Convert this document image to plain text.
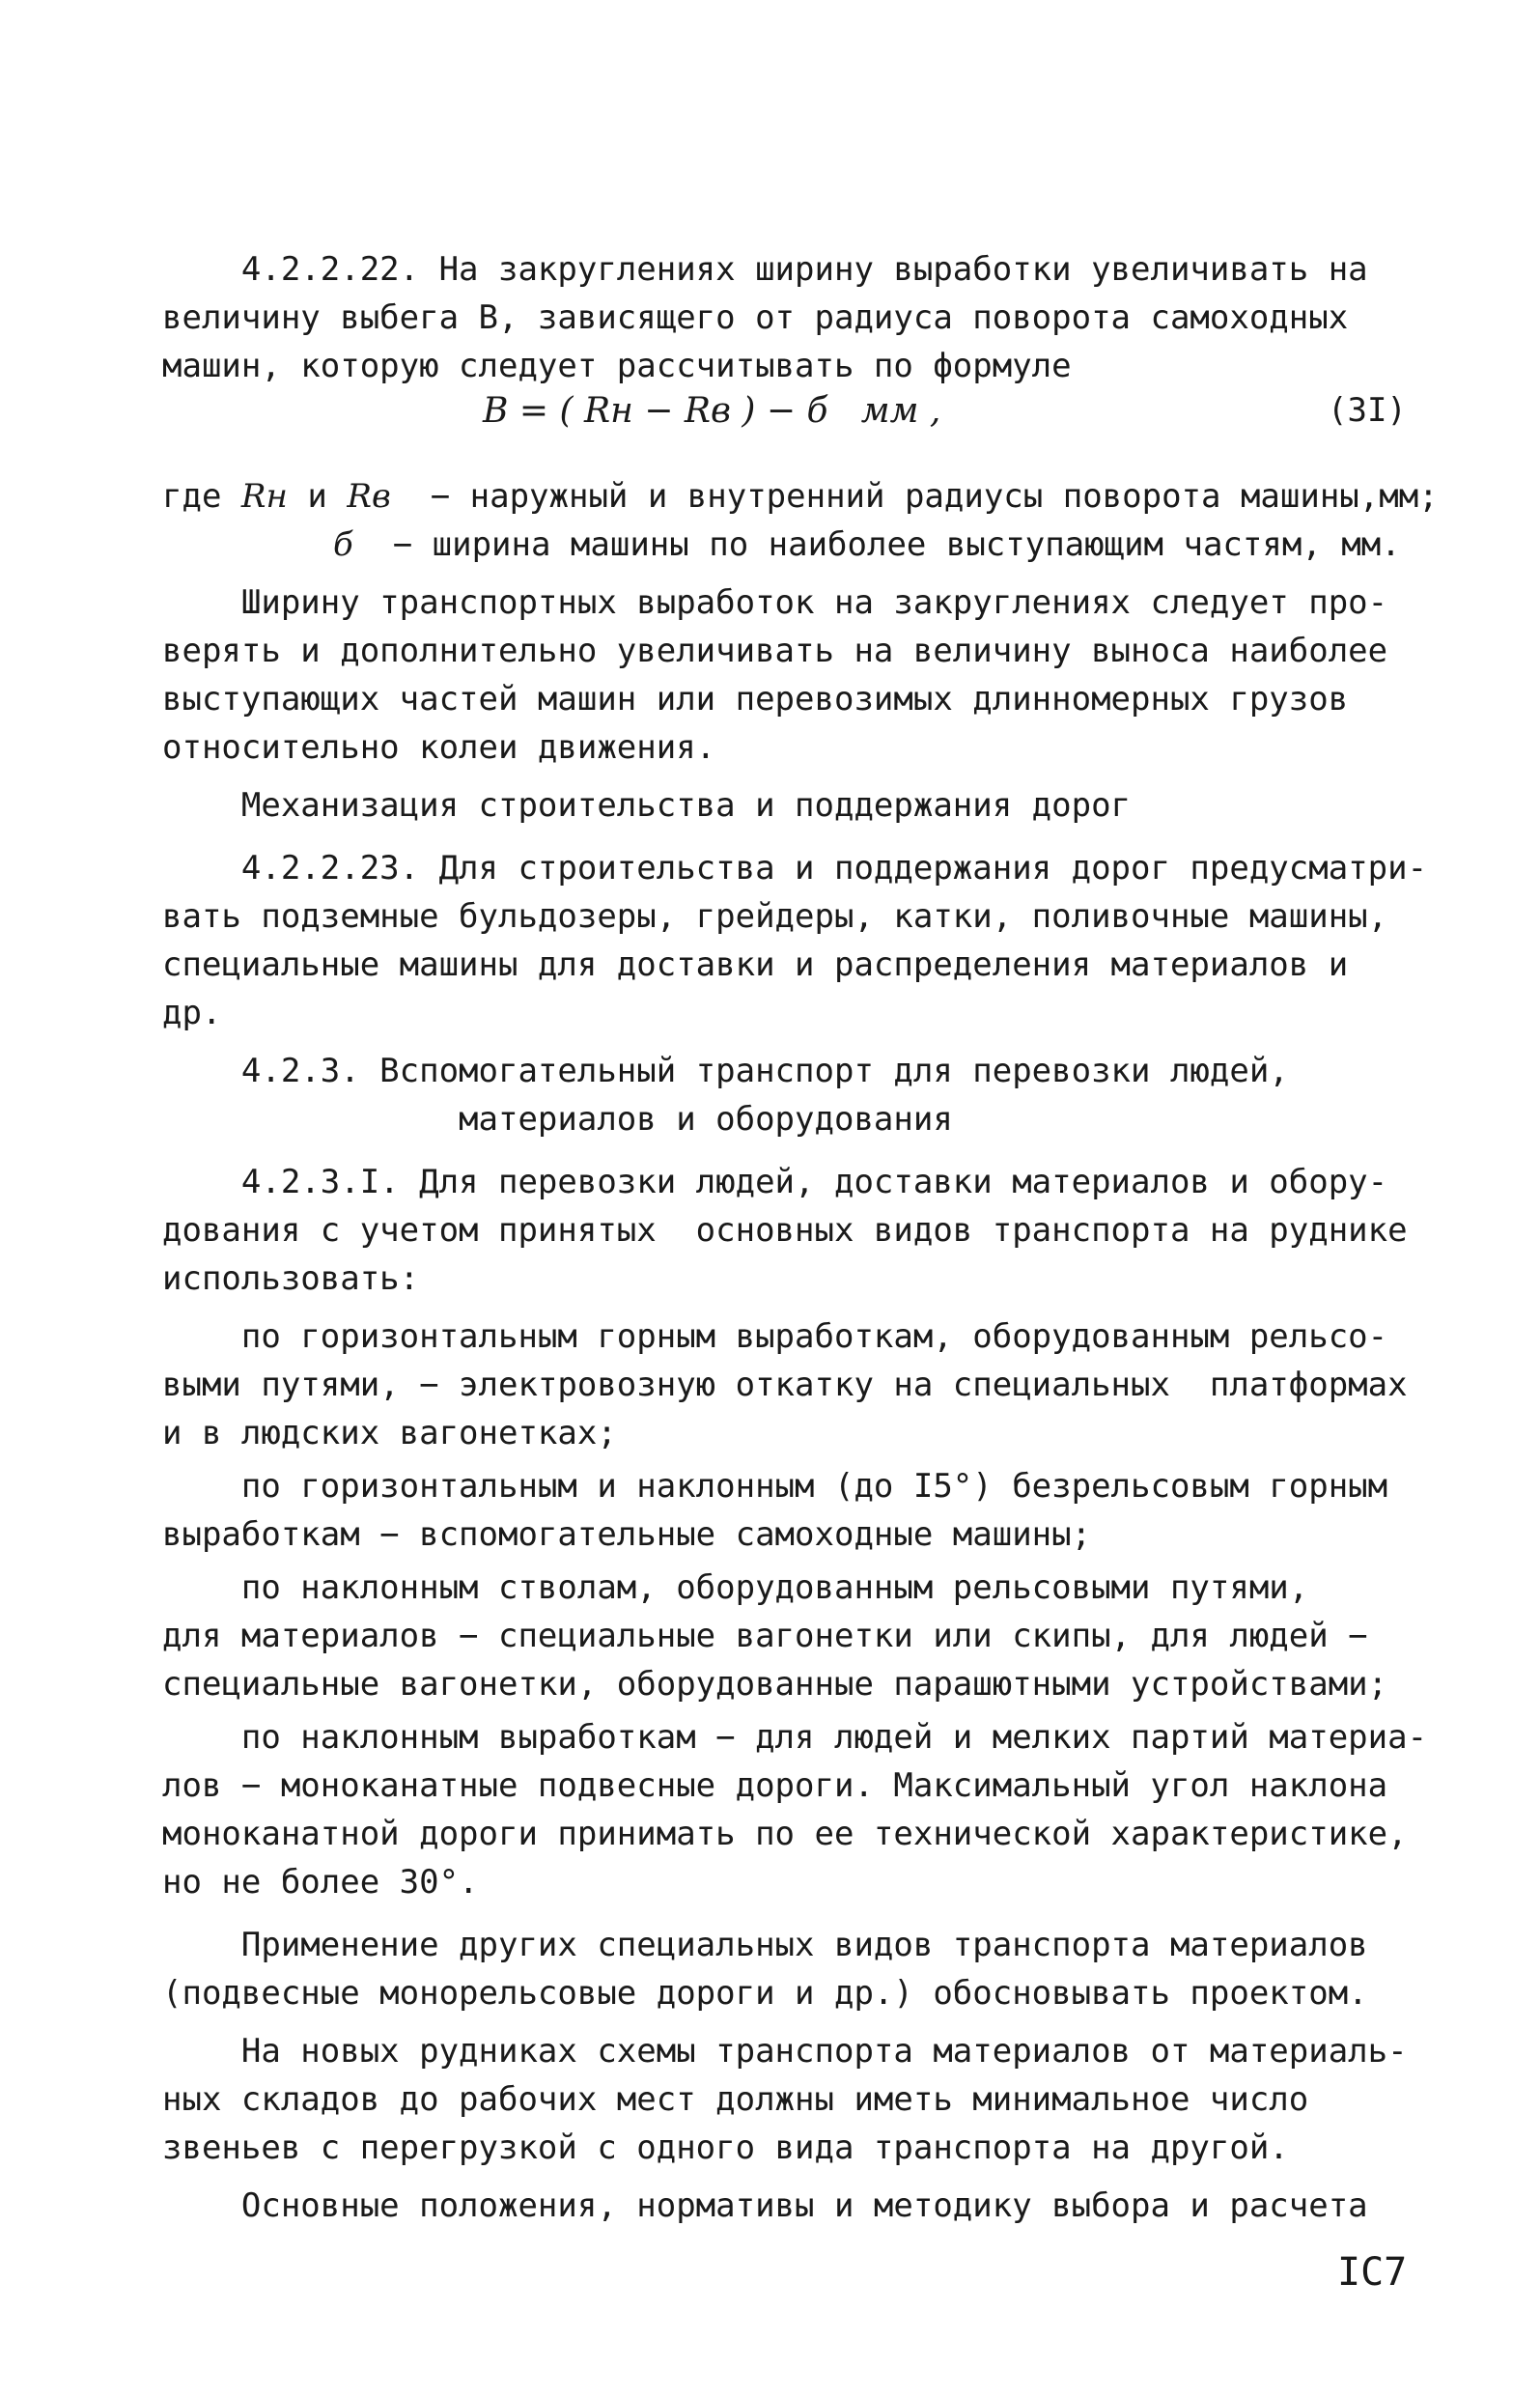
4.2.2.22. На закруглениях ширину выработки увеличивать на
величину выбега В, зависящего от радиуса поворота самоходных
машин, которую следует рассчитывать по формуле
B = ( Rн − Rв ) − б   мм ,	(3I)
где Rн и Rв  − наружный и внутренний радиусы поворота машины,мм;
б  − ширина машины по наиболее выступающим частям, мм.
Ширину транспортных выработок на закруглениях следует про-
верять и дополнительно увеличивать на величину выноса наиболее
выступающих частей машин или перевозимых длинномерных грузов
относительно колеи движения.
Механизация строительства и поддержания дорог
4.2.2.23. Для строительства и поддержания дорог предусматри-
вать подземные бульдозеры, грейдеры, катки, поливочные машины,
специальные машины для доставки и распределения материалов и
др.
4.2.3. Вспомогательный транспорт для перевозки людей,
материалов и оборудования
4.2.3.I. Для перевозки людей, доставки материалов и обору-
дования с учетом принятых  основных видов транспорта на руднике
использовать:
по горизонтальным горным выработкам, оборудованным рельсо-
выми путями, − электровозную откатку на специальных  платформах
и в людских вагонетках;
по горизонтальным и наклонным (до I5°) безрельсовым горным
выработкам − вспомогательные самоходные машины;
по наклонным стволам, оборудованным рельсовыми путями,
для материалов − специальные вагонетки или скипы, для людей −
специальные вагонетки, оборудованные парашютными устройствами;
по наклонным выработкам − для людей и мелких партий материа-
лов − моноканатные подвесные дороги. Максимальный угол наклона
моноканатной дороги принимать по ее технической характеристике,
но не более 30°.
Применение других специальных видов транспорта материалов
(подвесные монорельсовые дороги и др.) обосновывать проектом.
На новых рудниках схемы транспорта материалов от материаль-
ных складов до рабочих мест должны иметь минимальное число
звеньев с перегрузкой с одного вида транспорта на другой.
Основные положения, нормативы и методику выбора и расчета
IC7
